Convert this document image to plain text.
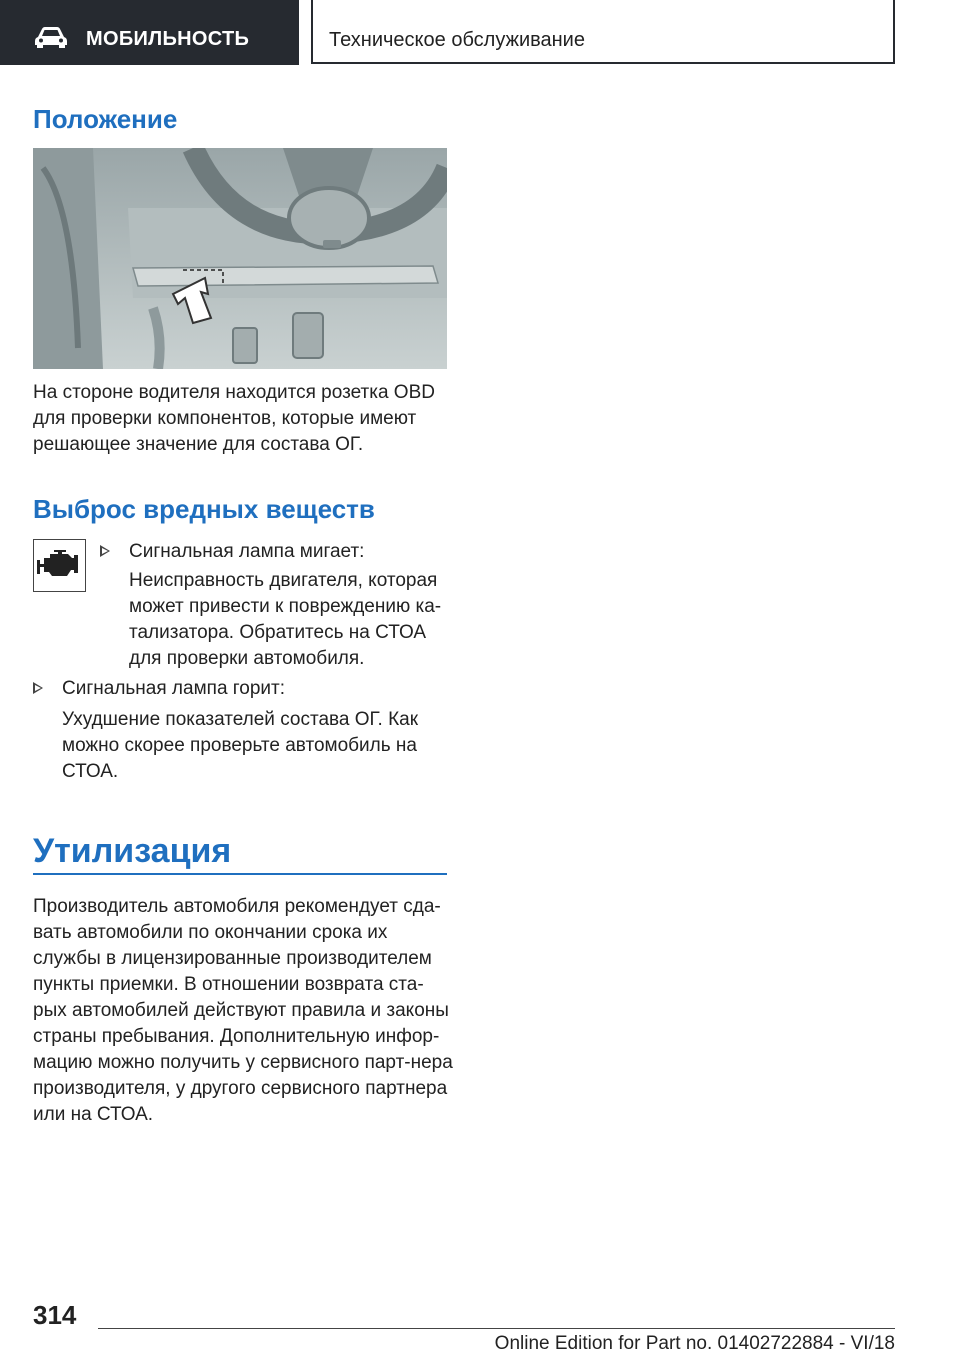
МОБИЛЬНОСТЬ	Техническое обслуживание
Положение

На стороне водителя находится розетка OBD для проверки компонентов, которые имеют решающее значение для состава ОГ.

Выброс вредных веществ
Сигнальная лампа мигает:

Неисправность двигателя, которая может привести к повреждению ка-тализатора. Обратитесь на СТОА для проверки автомобиля.

Сигнальная лампа горит:

Ухудшение показателей состава ОГ. Как можно скорее проверьте автомобиль на СТОА.

Утилизация

Производитель автомобиля рекомендует сда-вать автомобили по окончании срока их службы в лицензированные производителем пункты приемки. В отношении возврата ста-рых автомобилей действуют правила и законы страны пребывания. Дополнительную инфор-мацию можно получить у сервисного парт-нера производителя, у другого сервисного партнера или на СТОА.

314
Online Edition for Part no. 01402722884 - VI/18
